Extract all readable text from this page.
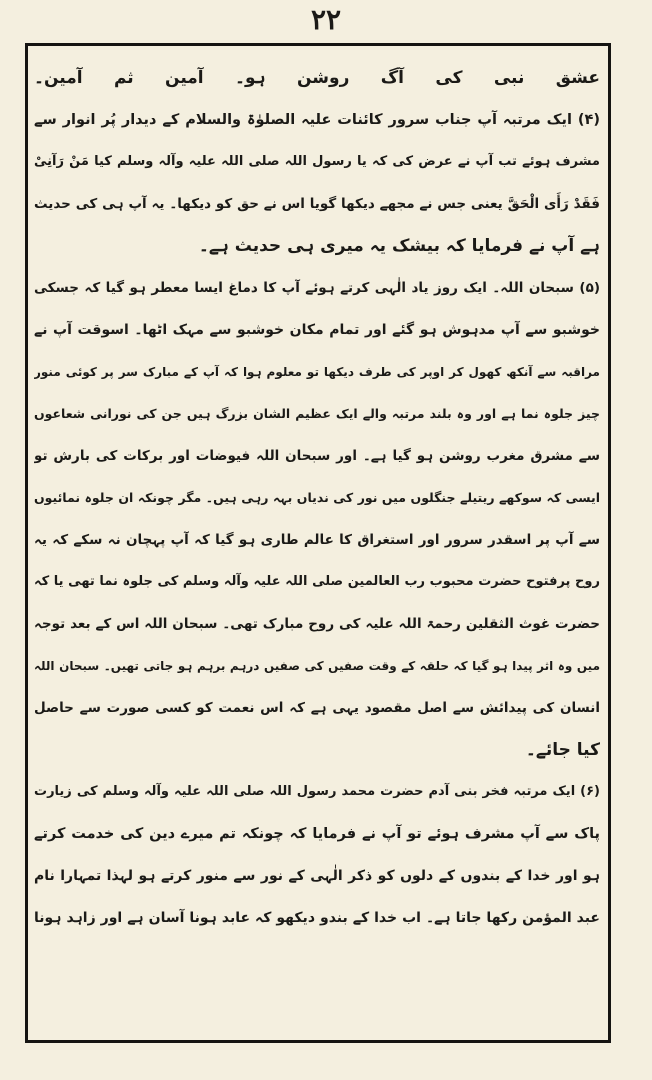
۲۲
عشق نبی کی آگ روشن ہو۔ آمین ثم آمین۔
(۴) ایک مرتبہ آپ جناب سرور کائنات علیہ الصلوٰۃ والسلام کے دیدار پُر انوار سے
مشرف ہوئے تب آپ نے عرض کی کہ یا رسول اللہ صلی اللہ علیہ وآلہ وسلم کیا مَنْ رَآنِیْ
فَقَدْ رَأَی الْحَقَّ یعنی جس نے مجھے دیکھا گویا اس نے حق کو دیکھا۔ یہ آپ ہی کی حدیث
ہے آپ نے فرمایا کہ بیشک یہ میری ہی حدیث ہے۔
(۵) سبحان اللہ۔ ایک روز یاد الٰہی کرتے ہوئے آپ کا دماغ ایسا معطر ہو گیا کہ جسکی
خوشبو سے آپ مدہوش ہو گئے اور تمام مکان خوشبو سے مہک اٹھا۔ اسوقت آپ نے
مراقبہ سے آنکھ کھول کر اوپر کی طرف دیکھا تو معلوم ہوا کہ آپ کے مبارک سر پر کوئی منور
چیز جلوہ نما ہے اور وہ بلند مرتبہ والے ایک عظیم الشان بزرگ ہیں جن کی نورانی شعاعوں
سے مشرق مغرب روشن ہو گیا ہے۔ اور سبحان اللہ فیوضات اور برکات کی بارش تو
ایسی کہ سوکھے ریتیلے جنگلوں میں نور کی ندیاں بہہ رہی ہیں۔ مگر چونکہ ان جلوہ نمائیوں
سے آپ پر اسقدر سرور اور استغراق کا عالم طاری ہو گیا کہ آپ پہچان نہ سکے کہ یہ
روح پرفتوح حضرت محبوب رب العالمین صلی اللہ علیہ وآلہ وسلم کی جلوہ نما تھی یا کہ
حضرت غوث الثقلین رحمۃ اللہ علیہ کی روح مبارک تھی۔ سبحان اللہ اس کے بعد توجہ
میں وہ اثر پیدا ہو گیا کہ حلقہ کے وقت صفیں کی صفیں درہم برہم ہو جاتی تھیں۔ سبحان اللہ
انسان کی پیدائش سے اصل مقصود یہی ہے کہ اس نعمت کو کسی صورت سے حاصل
کیا جائے۔
(۶) ایک مرتبہ فخر بنی آدم حضرت محمد رسول اللہ صلی اللہ علیہ وآلہ وسلم کی زیارت
پاک سے آپ مشرف ہوئے تو آپ نے فرمایا کہ چونکہ تم میرے دین کی خدمت کرتے
ہو اور خدا کے بندوں کے دلوں کو ذکر الٰہی کے نور سے منور کرتے ہو لہذا تمہارا نام
عبد المؤمن رکھا جاتا ہے۔ اب خدا کے بندو دیکھو کہ عابد ہونا آسان ہے اور زاہد ہونا
